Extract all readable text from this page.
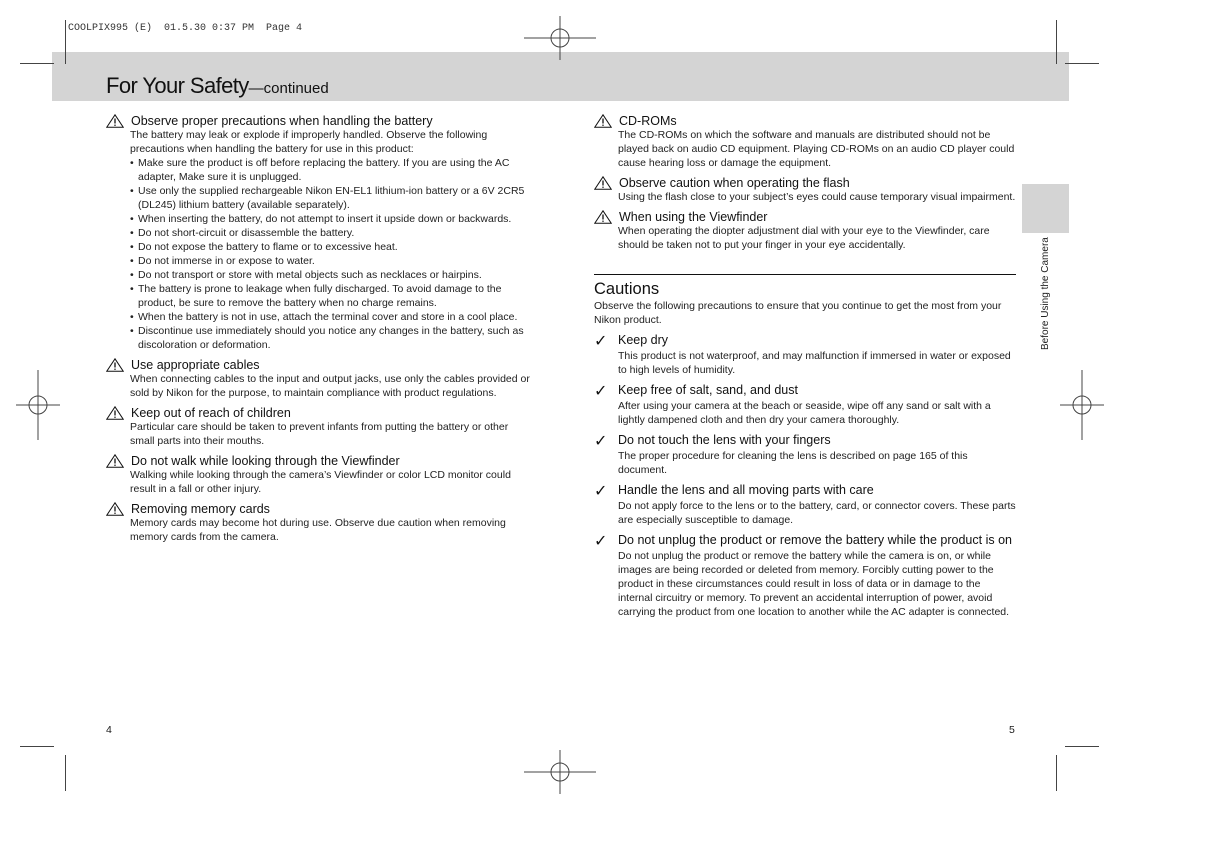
COOLPIX995 (E)  01.5.30 0:37 PM  Page 4
For Your Safety—continued
Before Using the Camera
Observe proper precautions when handling the battery
The battery may leak or explode if improperly handled. Observe the following precautions when handling the battery for use in this product:
• Make sure the product is off before replacing the battery. If you are using the AC adapter, Make sure it is unplugged.
• Use only the supplied rechargeable Nikon EN-EL1 lithium-ion battery or a 6V 2CR5 (DL245) lithium battery (available separately).
• When inserting the battery, do not attempt to insert it upside down or backwards.
• Do not short-circuit or disassemble the battery.
• Do not expose the battery to flame or to excessive heat.
• Do not immerse in or expose to water.
• Do not transport or store with metal objects such as necklaces or hairpins.
• The battery is prone to leakage when fully discharged. To avoid damage to the product, be sure to remove the battery when no charge remains.
• When the battery is not in use, attach the terminal cover and store in a cool place.
• Discontinue use immediately should you notice any changes in the battery, such as discoloration or deformation.
Use appropriate cables
When connecting cables to the input and output jacks, use only the cables provided or sold by Nikon for the purpose, to maintain compliance with product regulations.
Keep out of reach of children
Particular care should be taken to prevent infants from putting the battery or other small parts into their mouths.
Do not walk while looking through the Viewfinder
Walking while looking through the camera’s Viewfinder or color LCD monitor could result in a fall or other injury.
Removing memory cards
Memory cards may become hot during use. Observe due caution when removing memory cards from the camera.
CD-ROMs
The CD-ROMs on which the software and manuals are distributed should not be played back on audio CD equipment. Playing CD-ROMs on an audio CD player could cause hearing loss or damage the equipment.
Observe caution when operating the flash
Using the flash close to your subject’s eyes could cause temporary visual impairment.
When using the Viewfinder
When operating the diopter adjustment dial with your eye to the Viewfinder, care should be taken not to put your finger in your eye accidentally.
Cautions
Observe the following precautions to ensure that you continue to get the most from your Nikon product.
✓ Keep dry
This product is not waterproof, and may malfunction if immersed in water or exposed to high levels of humidity.
✓ Keep free of salt, sand, and dust
After using your camera at the beach or seaside, wipe off any sand or salt with a lightly dampened cloth and then dry your camera thoroughly.
✓ Do not touch the lens with your fingers
The proper procedure for cleaning the lens is described on page 165 of this document.
✓ Handle the lens and all moving parts with care
Do not apply force to the lens or to the battery, card, or connector covers. These parts are especially susceptible to damage.
✓ Do not unplug the product or remove the battery while the product is on
Do not unplug the product or remove the battery while the camera is on, or while images are being recorded or deleted from memory. Forcibly cutting power to the product in these circumstances could result in loss of data or in damage to the internal circuitry or memory. To prevent an accidental interruption of power, avoid carrying the product from one location to another while the AC adapter is connected.
4	5
